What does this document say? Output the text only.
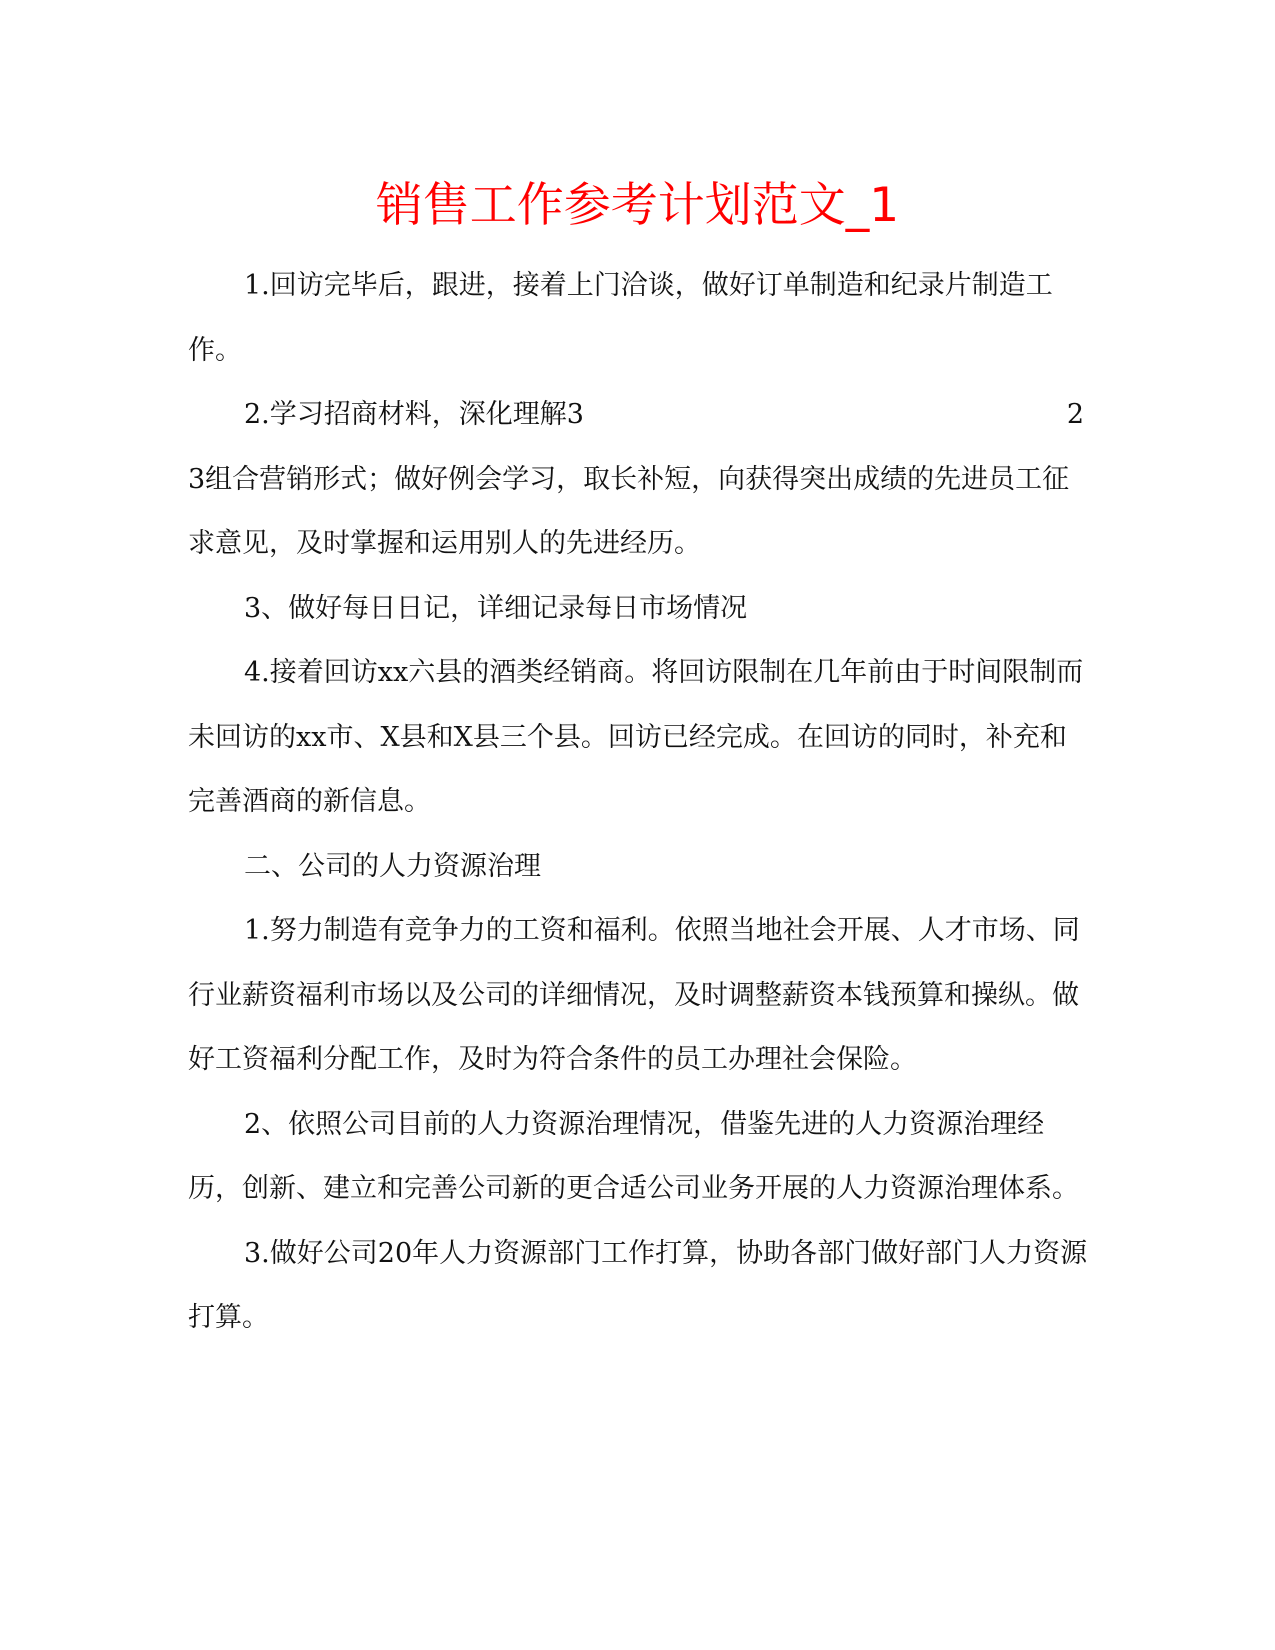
销售工作参考计划范文_1

1.回访完毕后，跟进，接着上门洽谈，做好订单制造和纪录片制造工作。

2.学习招商材料，深化理解3	2

3组合营销形式；做好例会学习，取长补短，向获得突出成绩的先进员工征求意见，及时掌握和运用别人的先进经历。

3、做好每日日记，详细记录每日市场情况

4.接着回访xx六县的酒类经销商。将回访限制在几年前由于时间限制而未回访的xx市、X县和X县三个县。回访已经完成。在回访的同时，补充和完善酒商的新信息。

二、公司的人力资源治理

1.努力制造有竞争力的工资和福利。依照当地社会开展、人才市场、同行业薪资福利市场以及公司的详细情况，及时调整薪资本钱预算和操纵。做好工资福利分配工作，及时为符合条件的员工办理社会保险。

2、依照公司目前的人力资源治理情况，借鉴先进的人力资源治理经历，创新、建立和完善公司新的更合适公司业务开展的人力资源治理体系。

3.做好公司20年人力资源部门工作打算，协助各部门做好部门人力资源打算。
